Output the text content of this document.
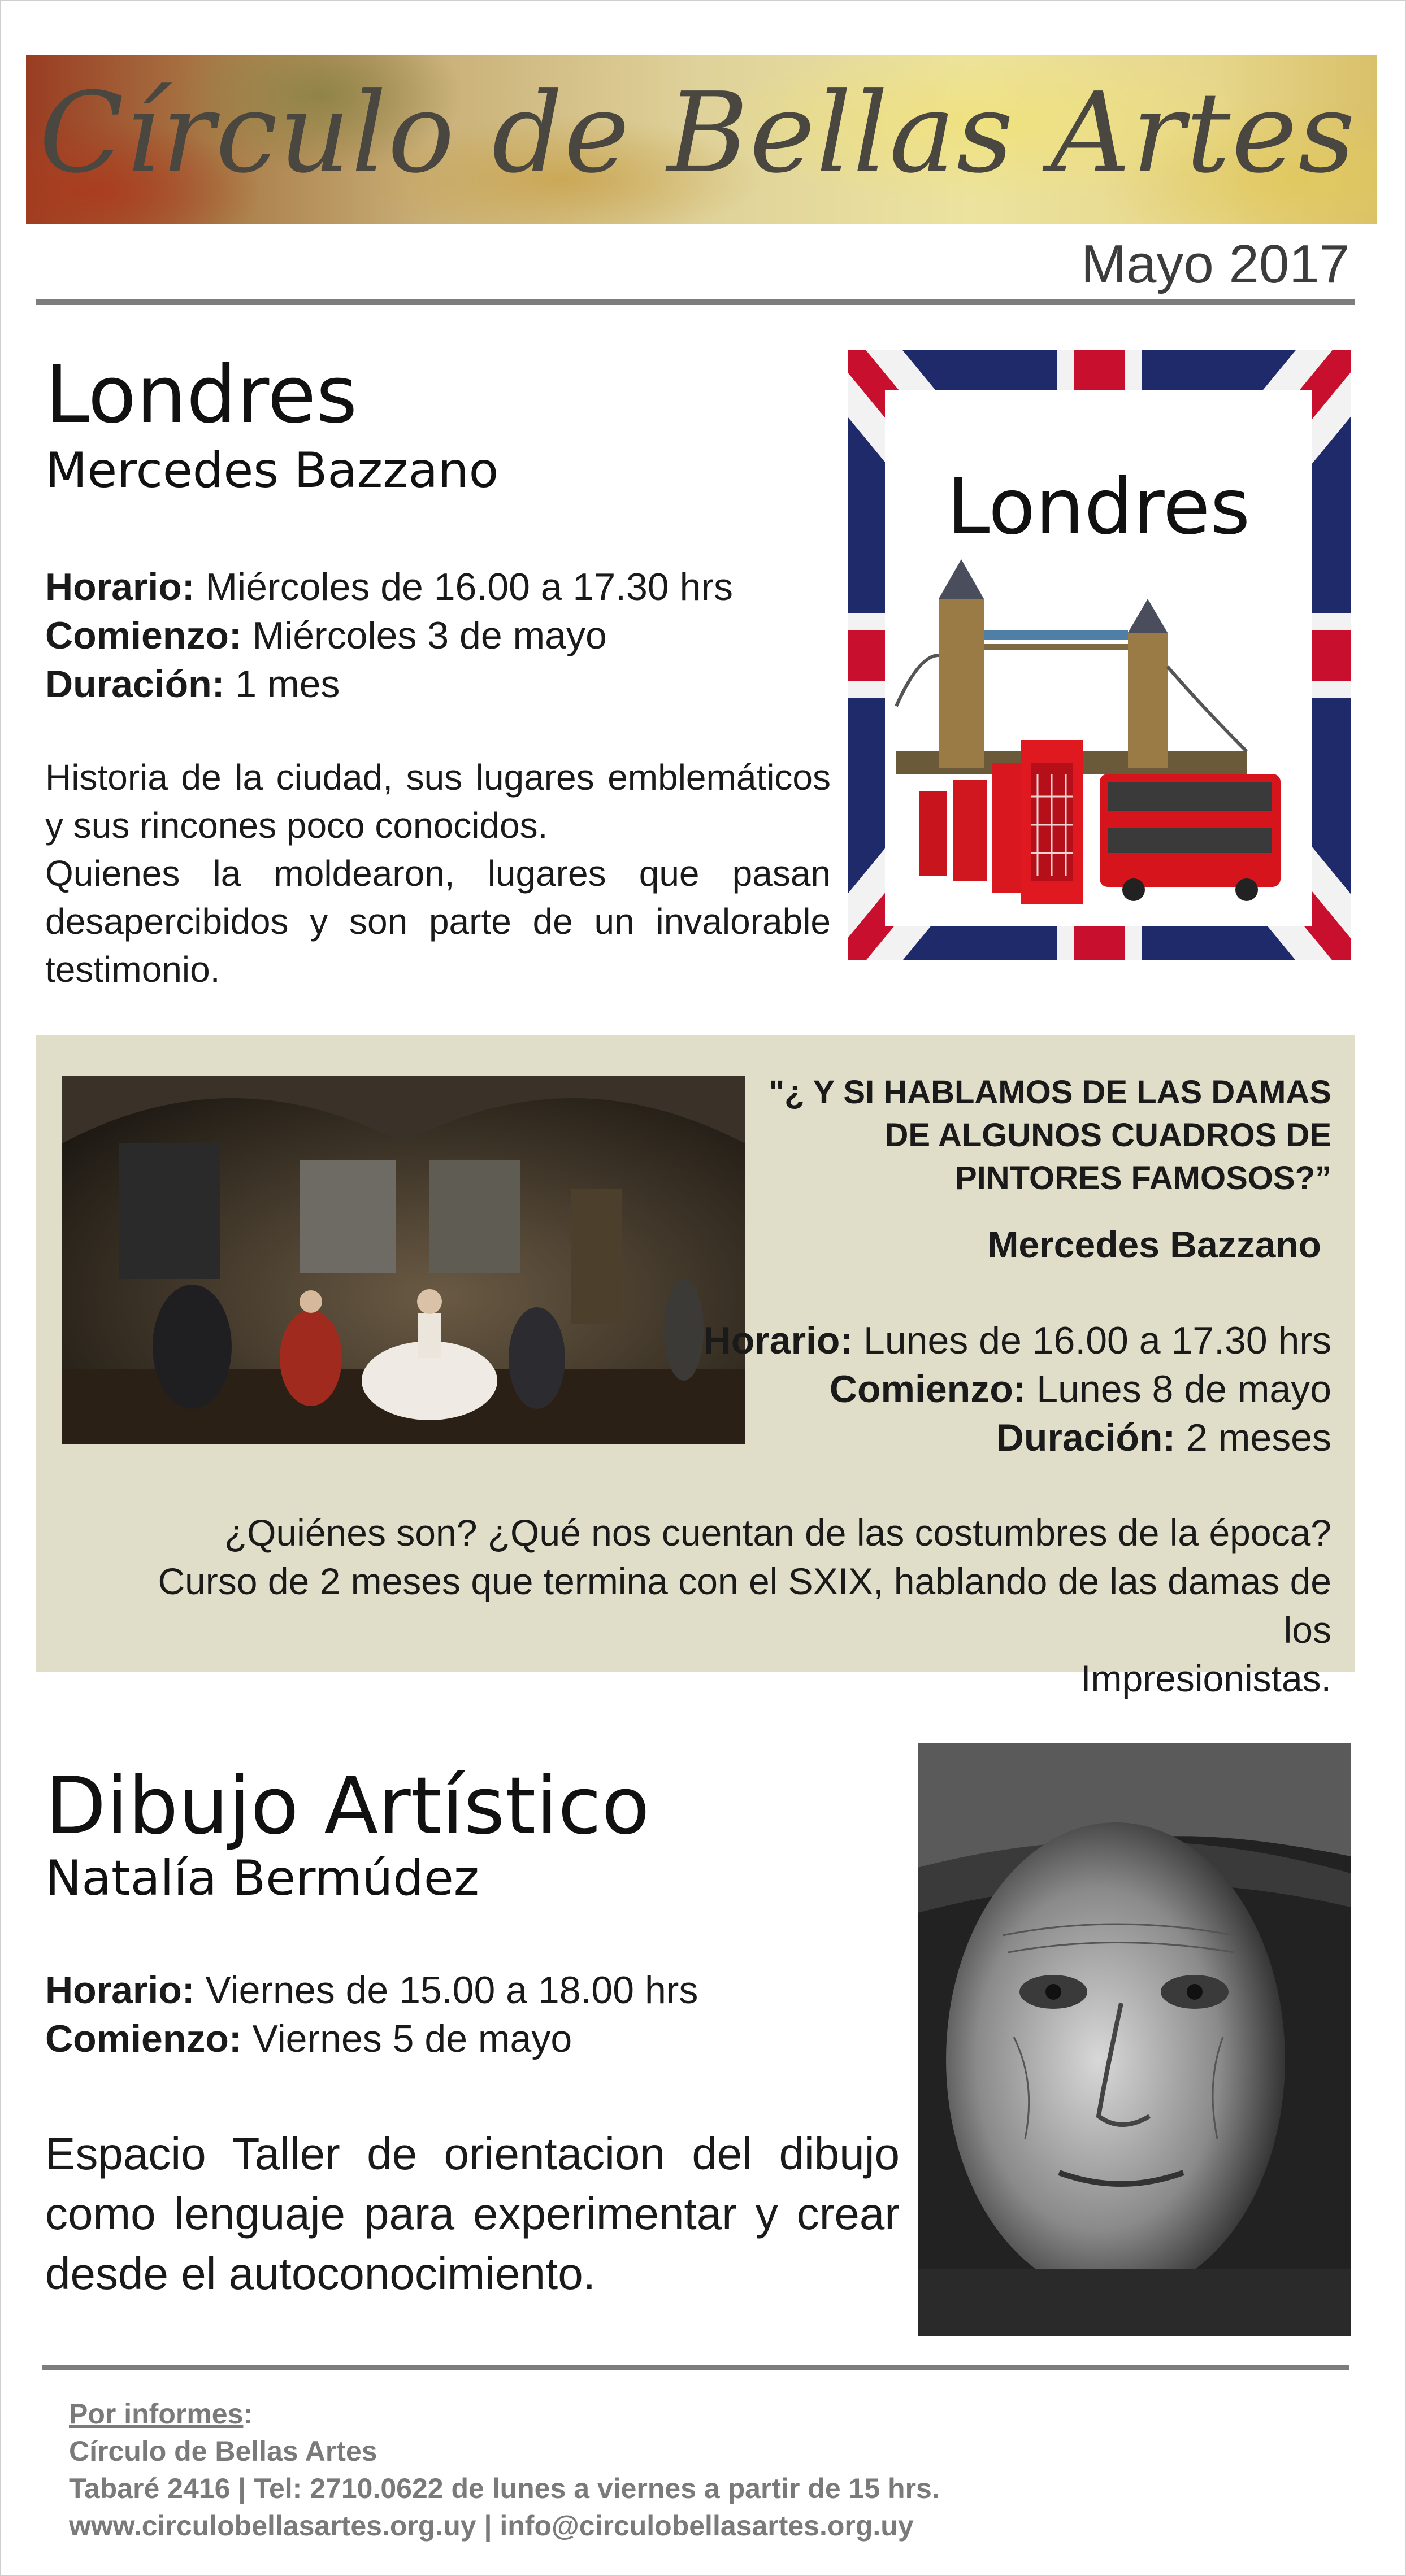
Círculo de Bellas Artes
Mayo 2017
Londres
Mercedes Bazzano
Horario: Miércoles de 16.00 a 17.30 hrs
Comienzo: Miércoles 3 de mayo
Duración: 1 mes
Historia de la ciudad, sus lugares emblemáticos y sus rincones poco conocidos.
Quienes la moldearon, lugares que pasan desapercibidos y son parte de un invalorable testimonio.
Londres
"¿ Y SI HABLAMOS DE LAS DAMAS
DE ALGUNOS CUADROS DE
PINTORES FAMOSOS?”
Mercedes Bazzano
Horario: Lunes de 16.00 a 17.30 hrs
Comienzo: Lunes 8 de mayo
Duración: 2 meses
¿Quiénes son? ¿Qué nos cuentan de las costumbres de la época?
Curso de 2 meses que termina con el SXIX, hablando de las damas de los
Impresionistas.
Dibujo Artístico
Natalía Bermúdez
Horario: Viernes de 15.00 a 18.00 hrs
Comienzo: Viernes 5 de mayo
Espacio Taller de orientacion del dibujo como lenguaje para experimentar y crear desde el autoconocimiento.
Por informes:
Círculo de Bellas Artes
Tabaré 2416 | Tel: 2710.0622 de lunes a viernes a partir de 15 hrs.
www.circulobellasartes.org.uy | info@circulobellasartes.org.uy
